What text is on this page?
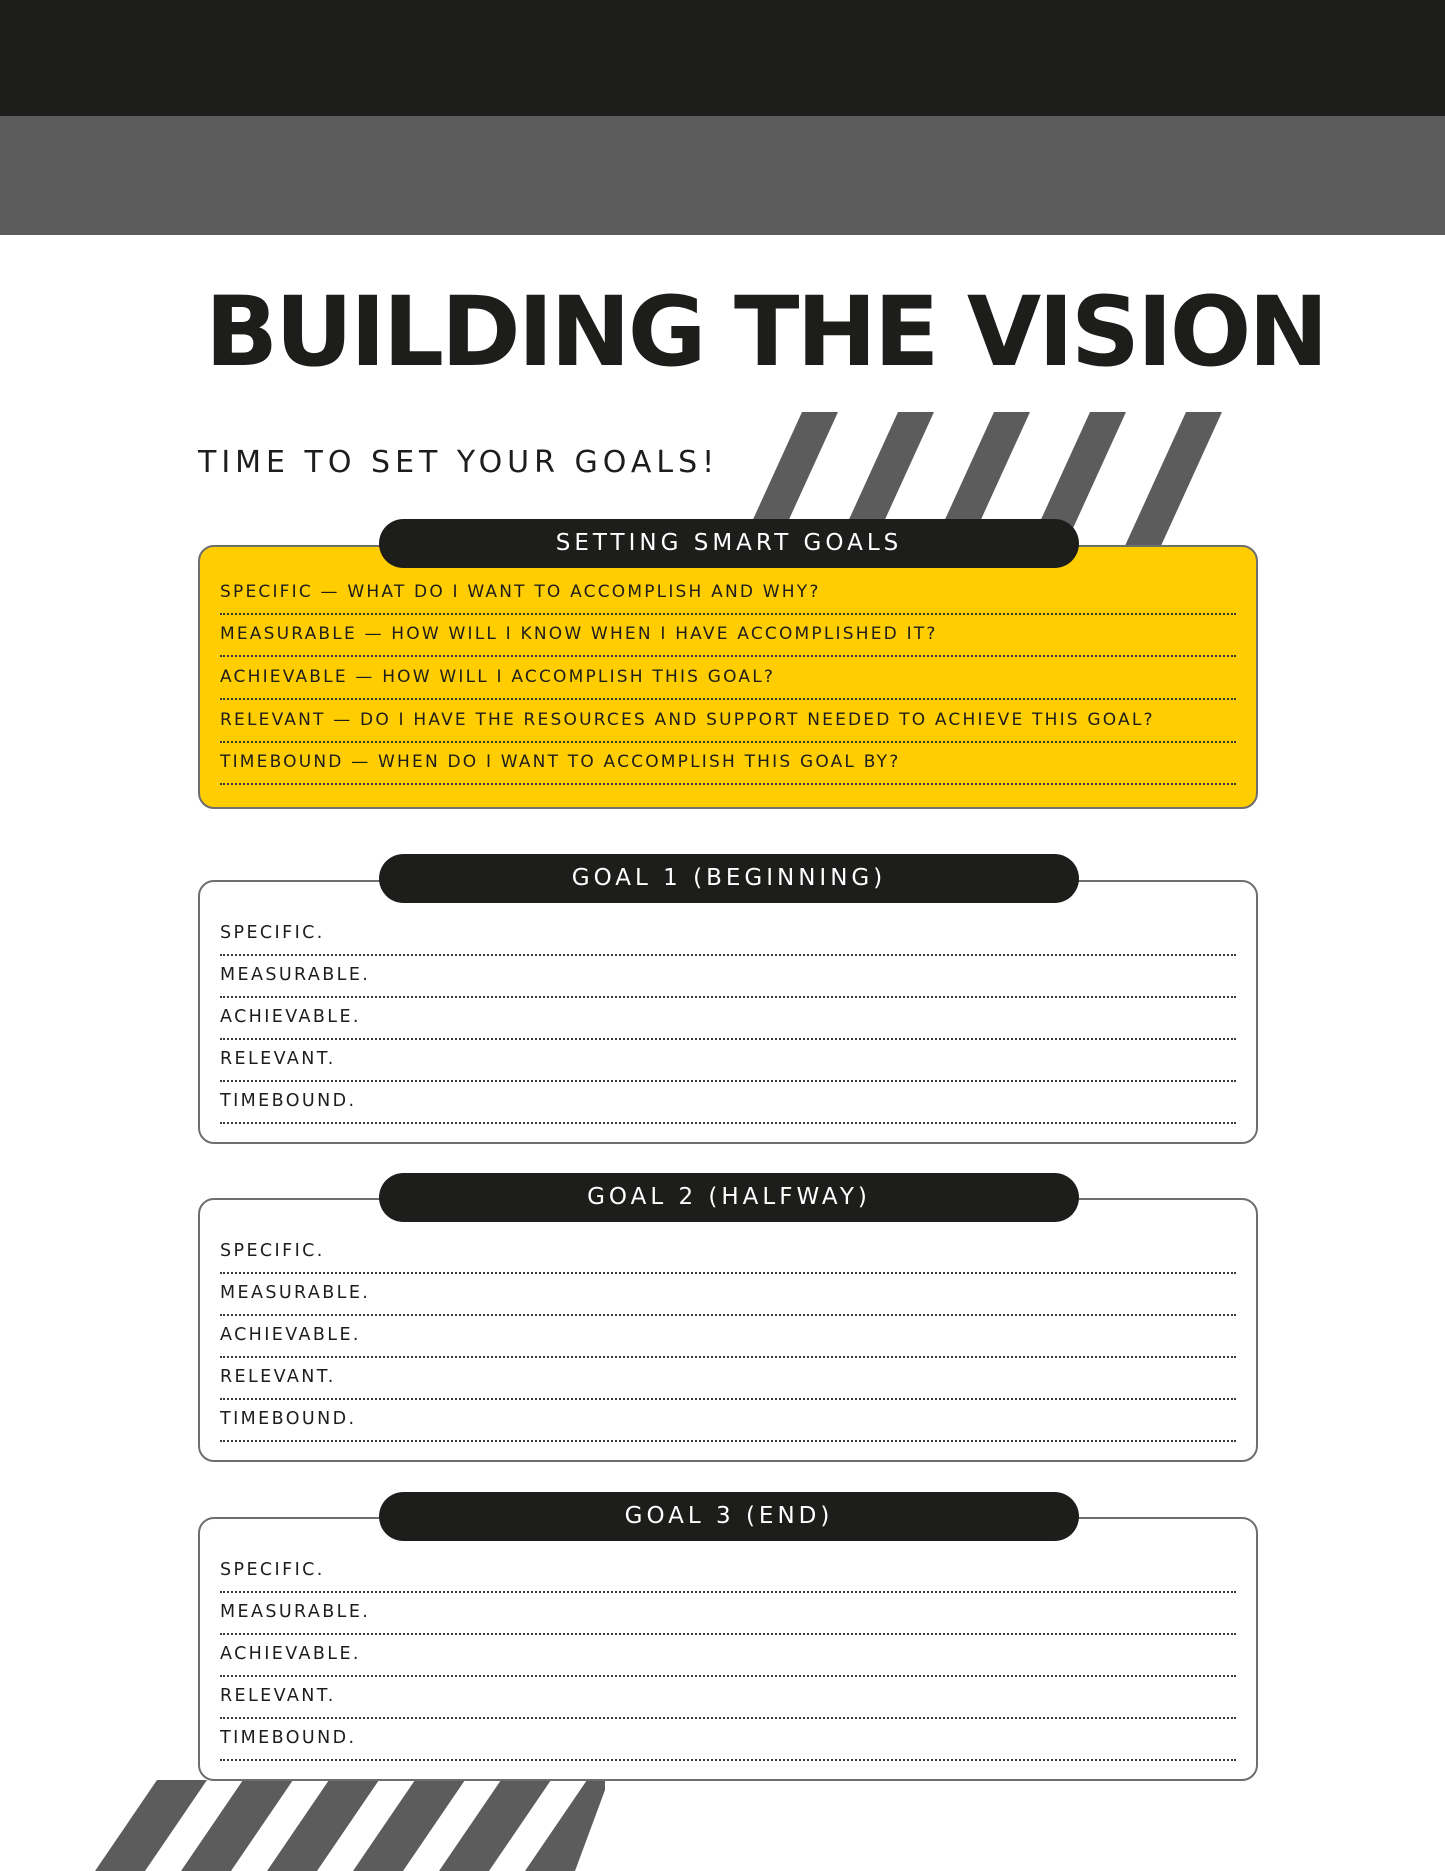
BUILDING THE VISION

TIME TO SET YOUR GOALS!

SPECIFIC — WHAT DO I WANT TO ACCOMPLISH AND WHY?
MEASURABLE — HOW WILL I KNOW WHEN I HAVE ACCOMPLISHED IT?
ACHIEVABLE — HOW WILL I ACCOMPLISH THIS GOAL?
RELEVANT — DO I HAVE THE RESOURCES AND SUPPORT NEEDED TO ACHIEVE THIS GOAL?
TIMEBOUND — WHEN DO I WANT TO ACCOMPLISH THIS GOAL BY?
SETTING SMART GOALS
SPECIFIC.
MEASURABLE.
ACHIEVABLE.
RELEVANT.
TIMEBOUND.
GOAL 1 (BEGINNING)
SPECIFIC.
MEASURABLE.
ACHIEVABLE.
RELEVANT.
TIMEBOUND.
GOAL 2 (HALFWAY)
SPECIFIC.
MEASURABLE.
ACHIEVABLE.
RELEVANT.
TIMEBOUND.
GOAL 3 (END)
